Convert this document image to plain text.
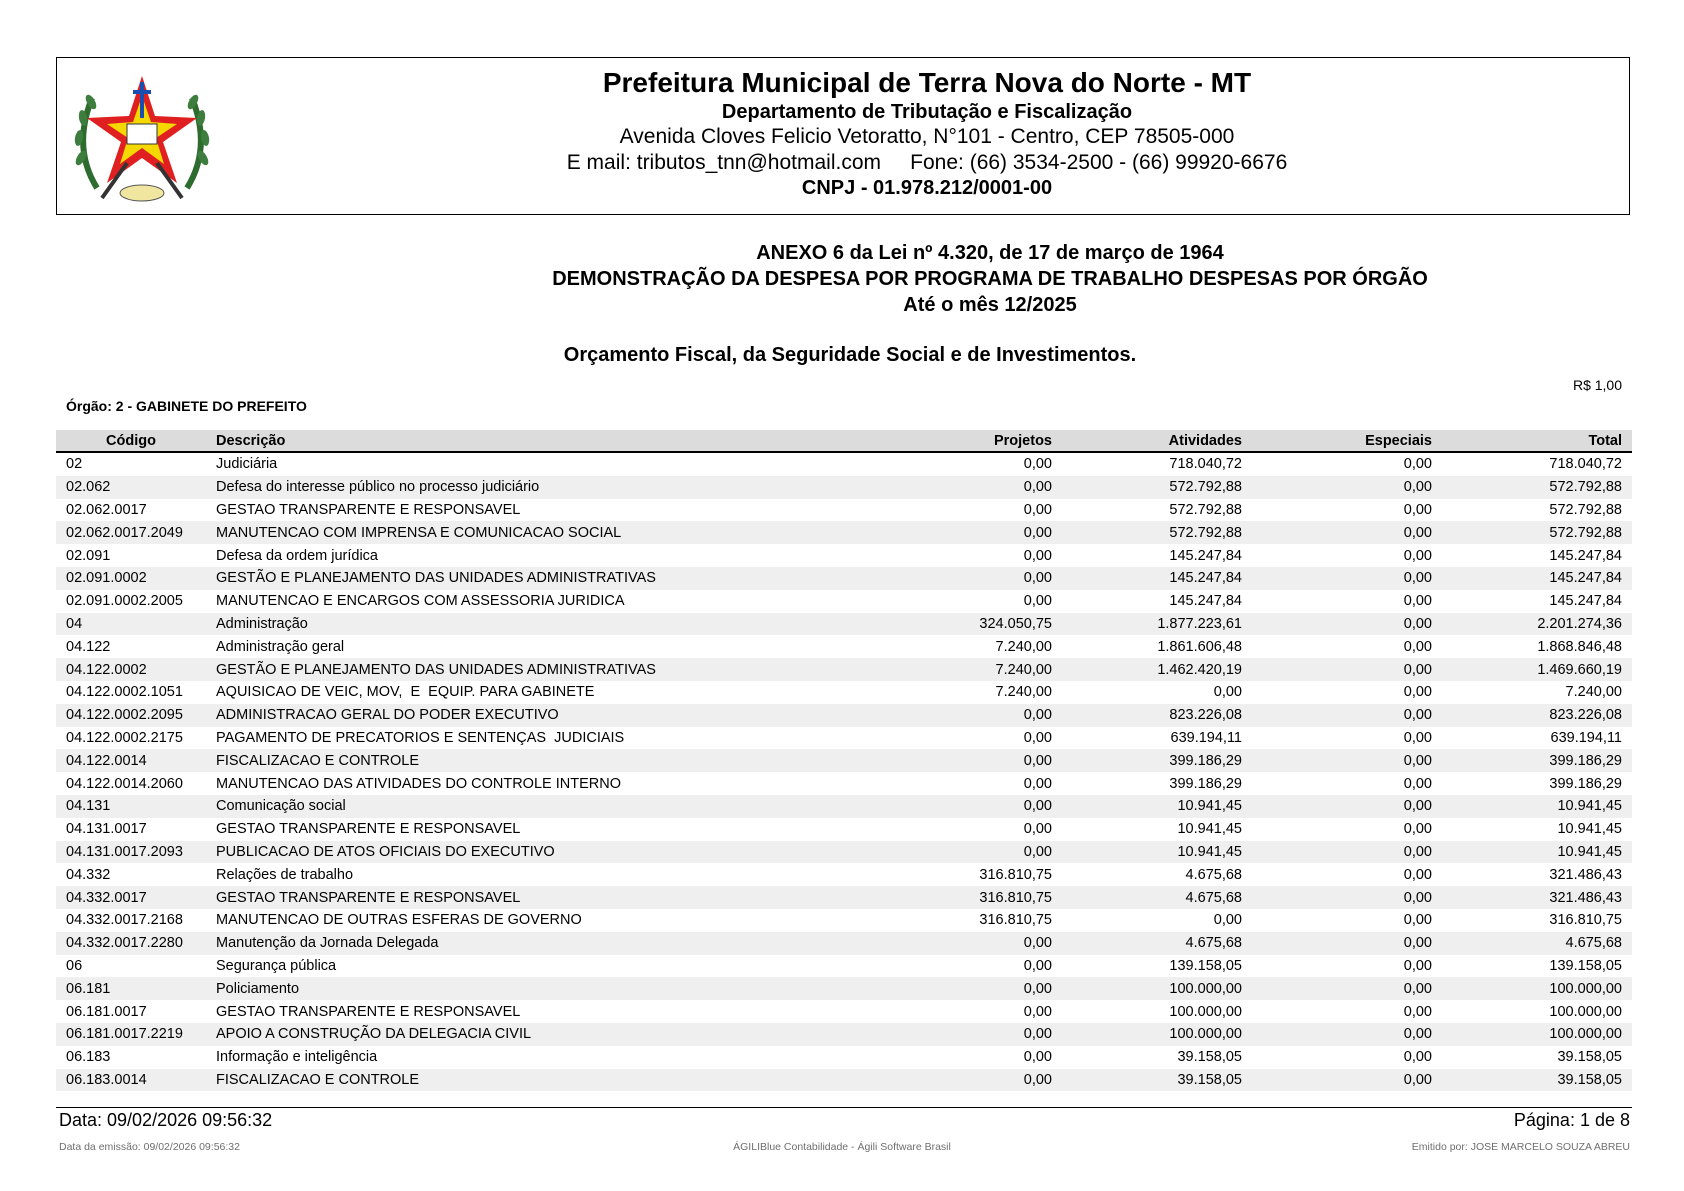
Prefeitura Municipal de Terra Nova do Norte - MT
Departamento de Tributação e Fiscalização
Avenida Cloves Felicio Vetoratto, N°101 - Centro, CEP 78505-000
E mail: tributos_tnn@hotmail.com     Fone: (66) 3534-2500 - (66) 99920-6676
CNPJ - 01.978.212/0001-00
ANEXO 6 da Lei nº 4.320, de 17 de março de 1964
DEMONSTRAÇÃO DA DESPESA POR PROGRAMA DE TRABALHO DESPESAS POR ÓRGÃO
Até o mês 12/2025
Orçamento Fiscal, da Seguridade Social e de Investimentos.
R$ 1,00
Órgão: 2 - GABINETE DO PREFEITO
Código	Descrição	Projetos	Atividades	Especiais	Total
02	Judiciária	0,00	718.040,72	0,00	718.040,72
02.062	Defesa do interesse público no processo judiciário	0,00	572.792,88	0,00	572.792,88
02.062.0017	GESTAO TRANSPARENTE E RESPONSAVEL	0,00	572.792,88	0,00	572.792,88
02.062.0017.2049	MANUTENCAO COM IMPRENSA E COMUNICACAO SOCIAL	0,00	572.792,88	0,00	572.792,88
02.091	Defesa da ordem jurídica	0,00	145.247,84	0,00	145.247,84
02.091.0002	GESTÃO E PLANEJAMENTO DAS UNIDADES ADMINISTRATIVAS	0,00	145.247,84	0,00	145.247,84
02.091.0002.2005	MANUTENCAO E ENCARGOS COM ASSESSORIA JURIDICA	0,00	145.247,84	0,00	145.247,84
04	Administração	324.050,75	1.877.223,61	0,00	2.201.274,36
04.122	Administração geral	7.240,00	1.861.606,48	0,00	1.868.846,48
04.122.0002	GESTÃO E PLANEJAMENTO DAS UNIDADES ADMINISTRATIVAS	7.240,00	1.462.420,19	0,00	1.469.660,19
04.122.0002.1051	AQUISICAO DE VEIC, MOV,  E  EQUIP. PARA GABINETE	7.240,00	0,00	0,00	7.240,00
04.122.0002.2095	ADMINISTRACAO GERAL DO PODER EXECUTIVO	0,00	823.226,08	0,00	823.226,08
04.122.0002.2175	PAGAMENTO DE PRECATORIOS E SENTENÇAS  JUDICIAIS	0,00	639.194,11	0,00	639.194,11
04.122.0014	FISCALIZACAO E CONTROLE	0,00	399.186,29	0,00	399.186,29
04.122.0014.2060	MANUTENCAO DAS ATIVIDADES DO CONTROLE INTERNO	0,00	399.186,29	0,00	399.186,29
04.131	Comunicação social	0,00	10.941,45	0,00	10.941,45
04.131.0017	GESTAO TRANSPARENTE E RESPONSAVEL	0,00	10.941,45	0,00	10.941,45
04.131.0017.2093	PUBLICACAO DE ATOS OFICIAIS DO EXECUTIVO	0,00	10.941,45	0,00	10.941,45
04.332	Relações de trabalho	316.810,75	4.675,68	0,00	321.486,43
04.332.0017	GESTAO TRANSPARENTE E RESPONSAVEL	316.810,75	4.675,68	0,00	321.486,43
04.332.0017.2168	MANUTENCAO DE OUTRAS ESFERAS DE GOVERNO	316.810,75	0,00	0,00	316.810,75
04.332.0017.2280	Manutenção da Jornada Delegada	0,00	4.675,68	0,00	4.675,68
06	Segurança pública	0,00	139.158,05	0,00	139.158,05
06.181	Policiamento	0,00	100.000,00	0,00	100.000,00
06.181.0017	GESTAO TRANSPARENTE E RESPONSAVEL	0,00	100.000,00	0,00	100.000,00
06.181.0017.2219	APOIO A CONSTRUÇÃO DA DELEGACIA CIVIL	0,00	100.000,00	0,00	100.000,00
06.183	Informação e inteligência	0,00	39.158,05	0,00	39.158,05
06.183.0014	FISCALIZACAO E CONTROLE	0,00	39.158,05	0,00	39.158,05
Data: 09/02/2026 09:56:32	Página: 1 de 8
Data da emissão: 09/02/2026 09:56:32	ÁGILIBlue Contabilidade - Ágili Software Brasil	Emitido por: JOSE MARCELO SOUZA ABREU
